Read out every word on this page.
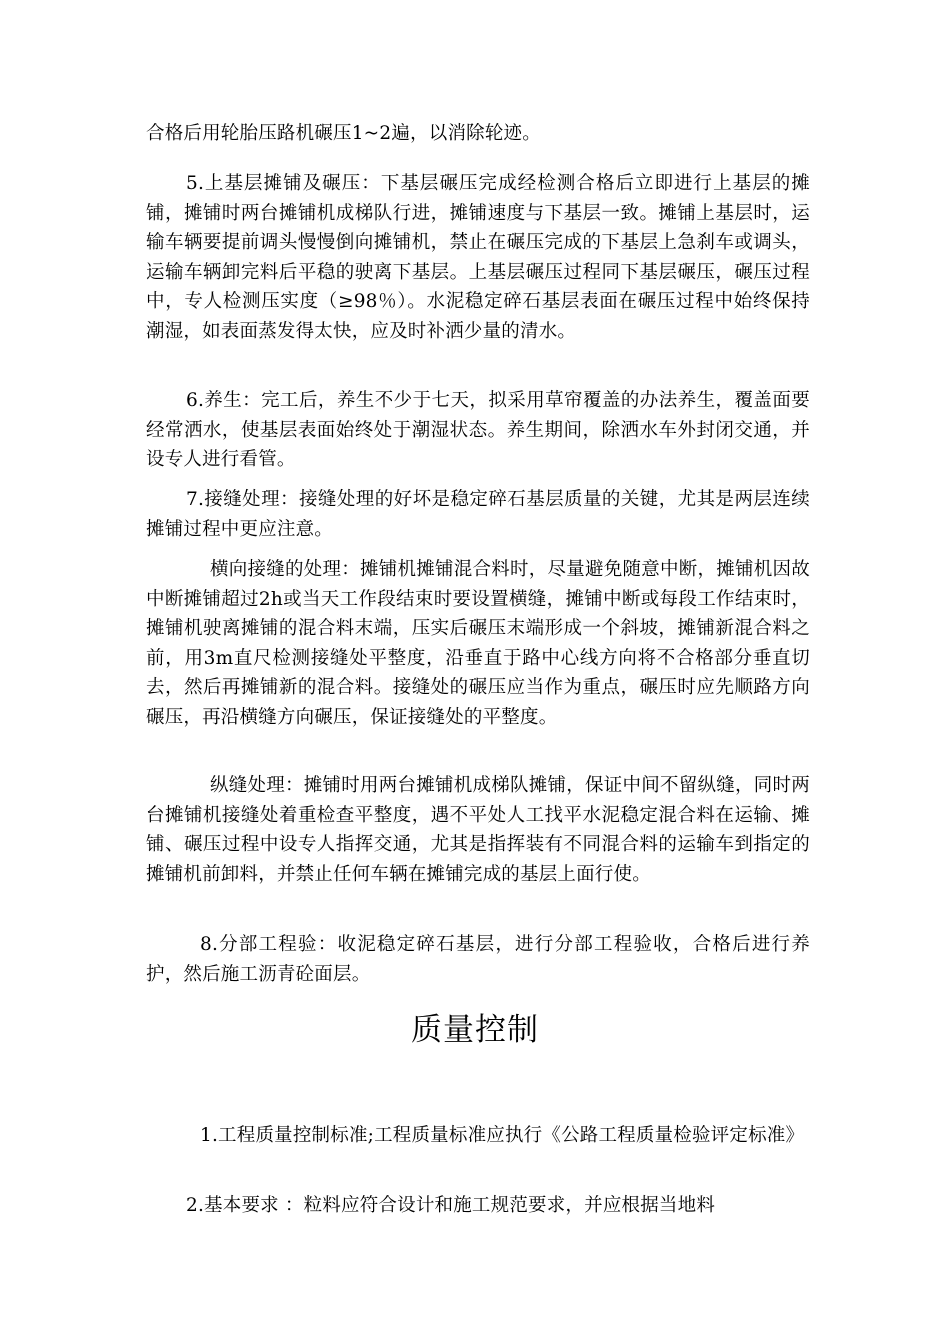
合格后用轮胎压路机碾压1~2遍，以消除轮迹。

5.上基层摊铺及碾压：下基层碾压完成经检测合格后立即进行上基层的摊铺，摊铺时两台摊铺机成梯队行进，摊铺速度与下基层一致。摊铺上基层时，运输车辆要提前调头慢慢倒向摊铺机，禁止在碾压完成的下基层上急刹车或调头，运输车辆卸完料后平稳的驶离下基层。上基层碾压过程同下基层碾压，碾压过程中，专人检测压实度（≥98％）。水泥稳定碎石基层表面在碾压过程中始终保持潮湿，如表面蒸发得太快，应及时补洒少量的清水。

6.养生：完工后，养生不少于七天，拟采用草帘覆盖的办法养生，覆盖面要经常洒水，使基层表面始终处于潮湿状态。养生期间，除洒水车外封闭交通，并设专人进行看管。

7.接缝处理：接缝处理的好坏是稳定碎石基层质量的关键，尤其是两层连续摊铺过程中更应注意。

横向接缝的处理：摊铺机摊铺混合料时，尽量避免随意中断，摊铺机因故中断摊铺超过2h或当天工作段结束时要设置横缝，摊铺中断或每段工作结束时，摊铺机驶离摊铺的混合料末端，压实后碾压末端形成一个斜坡，摊铺新混合料之前，用3m直尺检测接缝处平整度，沿垂直于路中心线方向将不合格部分垂直切去，然后再摊铺新的混合料。接缝处的碾压应当作为重点，碾压时应先顺路方向碾压，再沿横缝方向碾压，保证接缝处的平整度。

纵缝处理：摊铺时用两台摊铺机成梯队摊铺，保证中间不留纵缝，同时两台摊铺机接缝处着重检查平整度，遇不平处人工找平水泥稳定混合料在运输、摊铺、碾压过程中设专人指挥交通，尤其是指挥装有不同混合料的运输车到指定的摊铺机前卸料，并禁止任何车辆在摊铺完成的基层上面行使。

8.分部工程验：收泥稳定碎石基层，进行分部工程验收，合格后进行养护，然后施工沥青砼面层。

质量控制

1.工程质量控制标准;工程质量标准应执行《公路工程质量检验评定标准》

2.基本要求 ：粒料应符合设计和施工规范要求，并应根据当地料
